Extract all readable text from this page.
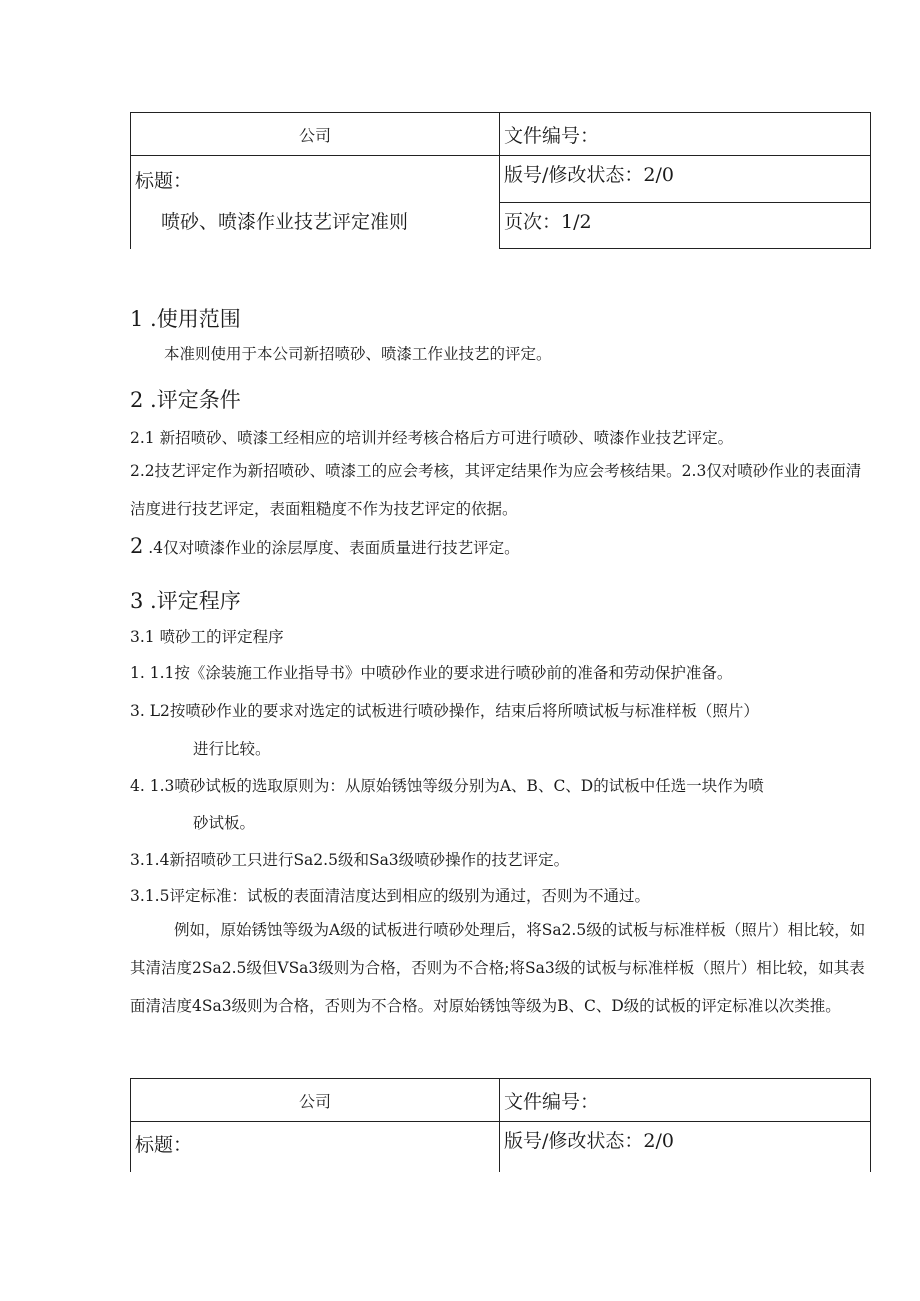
公司	文件编号：

标题：
喷砂、喷漆作业技艺评定准则	版号/修改状态：2/0
	页次：1/2
1 .使用范围
本准则使用于本公司新招喷砂、喷漆工作业技艺的评定。
2 .评定条件
2.1 新招喷砂、喷漆工经相应的培训并经考核合格后方可进行喷砂、喷漆作业技艺评定。
2.2技艺评定作为新招喷砂、喷漆工的应会考核，其评定结果作为应会考核结果。2.3仅对喷砂作业的表面清洁度进行技艺评定，表面粗糙度不作为技艺评定的依据。
2 .4仅对喷漆作业的涂层厚度、表面质量进行技艺评定。
3 .评定程序
3.1 喷砂工的评定程序
1. 1.1按《涂装施工作业指导书》中喷砂作业的要求进行喷砂前的准备和劳动保护准备。
3. L2按喷砂作业的要求对选定的试板进行喷砂操作，结束后将所喷试板与标准样板（照片）
进行比较。
4. 1.3喷砂试板的选取原则为：从原始锈蚀等级分别为A、B、C、D的试板中任选一块作为喷
砂试板。
3.1.4新招喷砂工只进行Sa2.5级和Sa3级喷砂操作的技艺评定。
3.1.5评定标准：试板的表面清洁度达到相应的级别为通过，否则为不通过。
例如，原始锈蚀等级为A级的试板进行喷砂处理后，将Sa2.5级的试板与标准样板（照片）相比较，如其清洁度2Sa2.5级但VSa3级则为合格，否则为不合格;将Sa3级的试板与标准样板（照片）相比较，如其表面清洁度4Sa3级则为合格，否则为不合格。对原始锈蚀等级为B、C、D级的试板的评定标准以次类推。
公司	文件编号：
标题：	版号/修改状态：2/0
